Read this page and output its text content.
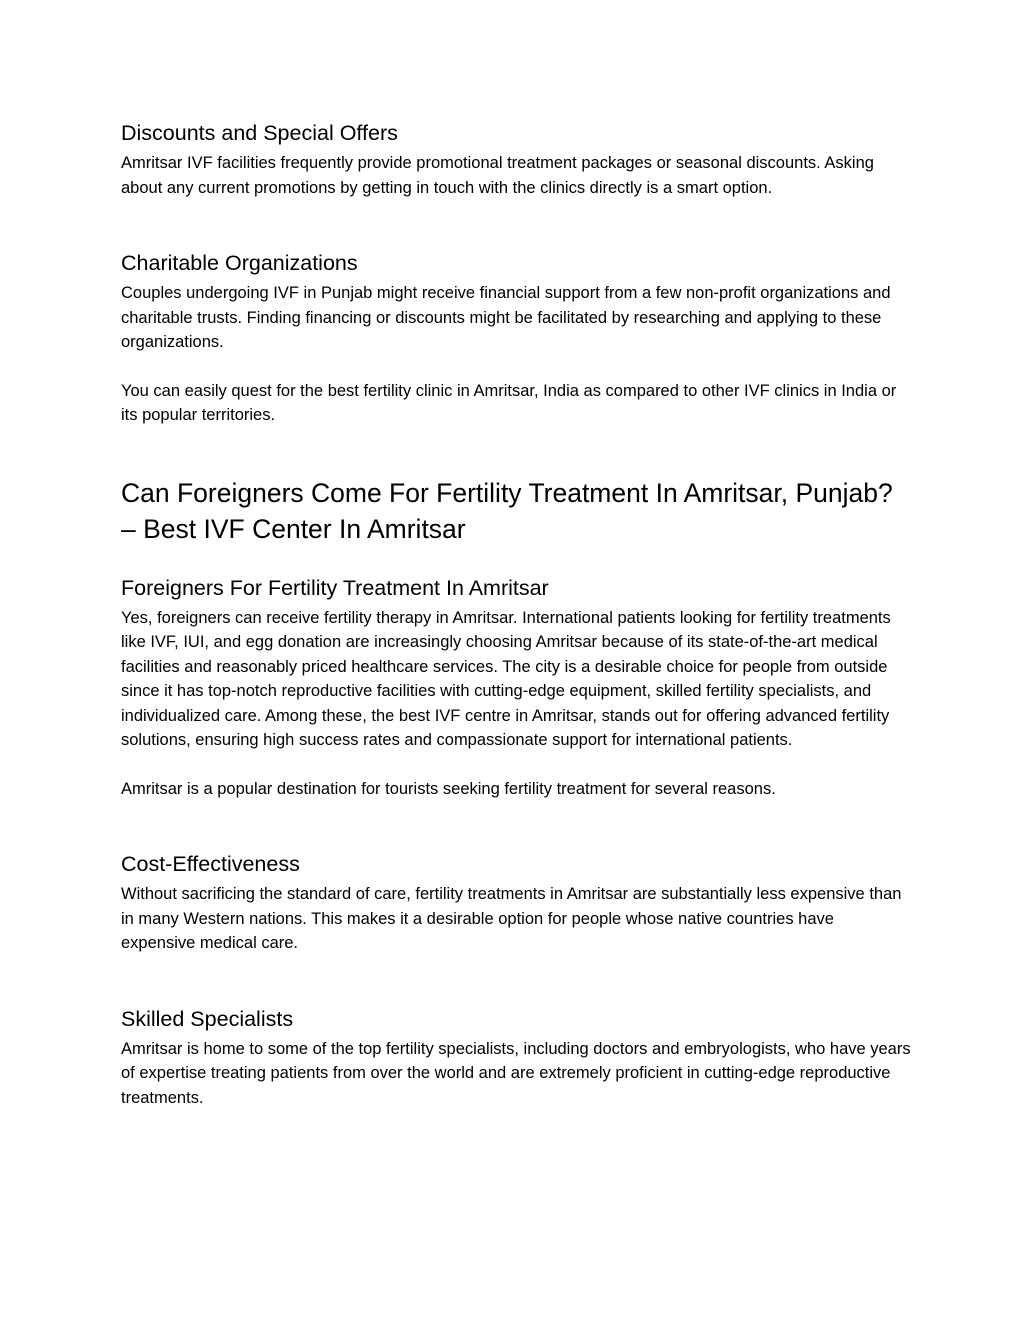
Discounts and Special Offers

Amritsar IVF facilities frequently provide promotional treatment packages or seasonal discounts. Asking about any current promotions by getting in touch with the clinics directly is a smart option.

Charitable Organizations

Couples undergoing IVF in Punjab might receive financial support from a few non-profit organizations and charitable trusts. Finding financing or discounts might be facilitated by researching and applying to these organizations.

You can easily quest for the best fertility clinic in Amritsar, India as compared to other IVF clinics in India or its popular territories.

Can Foreigners Come For Fertility Treatment In Amritsar, Punjab? – Best IVF Center In Amritsar
Foreigners For Fertility Treatment In Amritsar

Yes, foreigners can receive fertility therapy in Amritsar. International patients looking for fertility treatments like IVF, IUI, and egg donation are increasingly choosing Amritsar because of its state-of-the-art medical facilities and reasonably priced healthcare services. The city is a desirable choice for people from outside since it has top-notch reproductive facilities with cutting-edge equipment, skilled fertility specialists, and individualized care. Among these, the best IVF centre in Amritsar, stands out for offering advanced fertility solutions, ensuring high success rates and compassionate support for international patients.

Amritsar is a popular destination for tourists seeking fertility treatment for several reasons.

Cost-Effectiveness

Without sacrificing the standard of care, fertility treatments in Amritsar are substantially less expensive than in many Western nations. This makes it a desirable option for people whose native countries have expensive medical care.

Skilled Specialists

Amritsar is home to some of the top fertility specialists, including doctors and embryologists, who have years of expertise treating patients from over the world and are extremely proficient in cutting-edge reproductive treatments.
